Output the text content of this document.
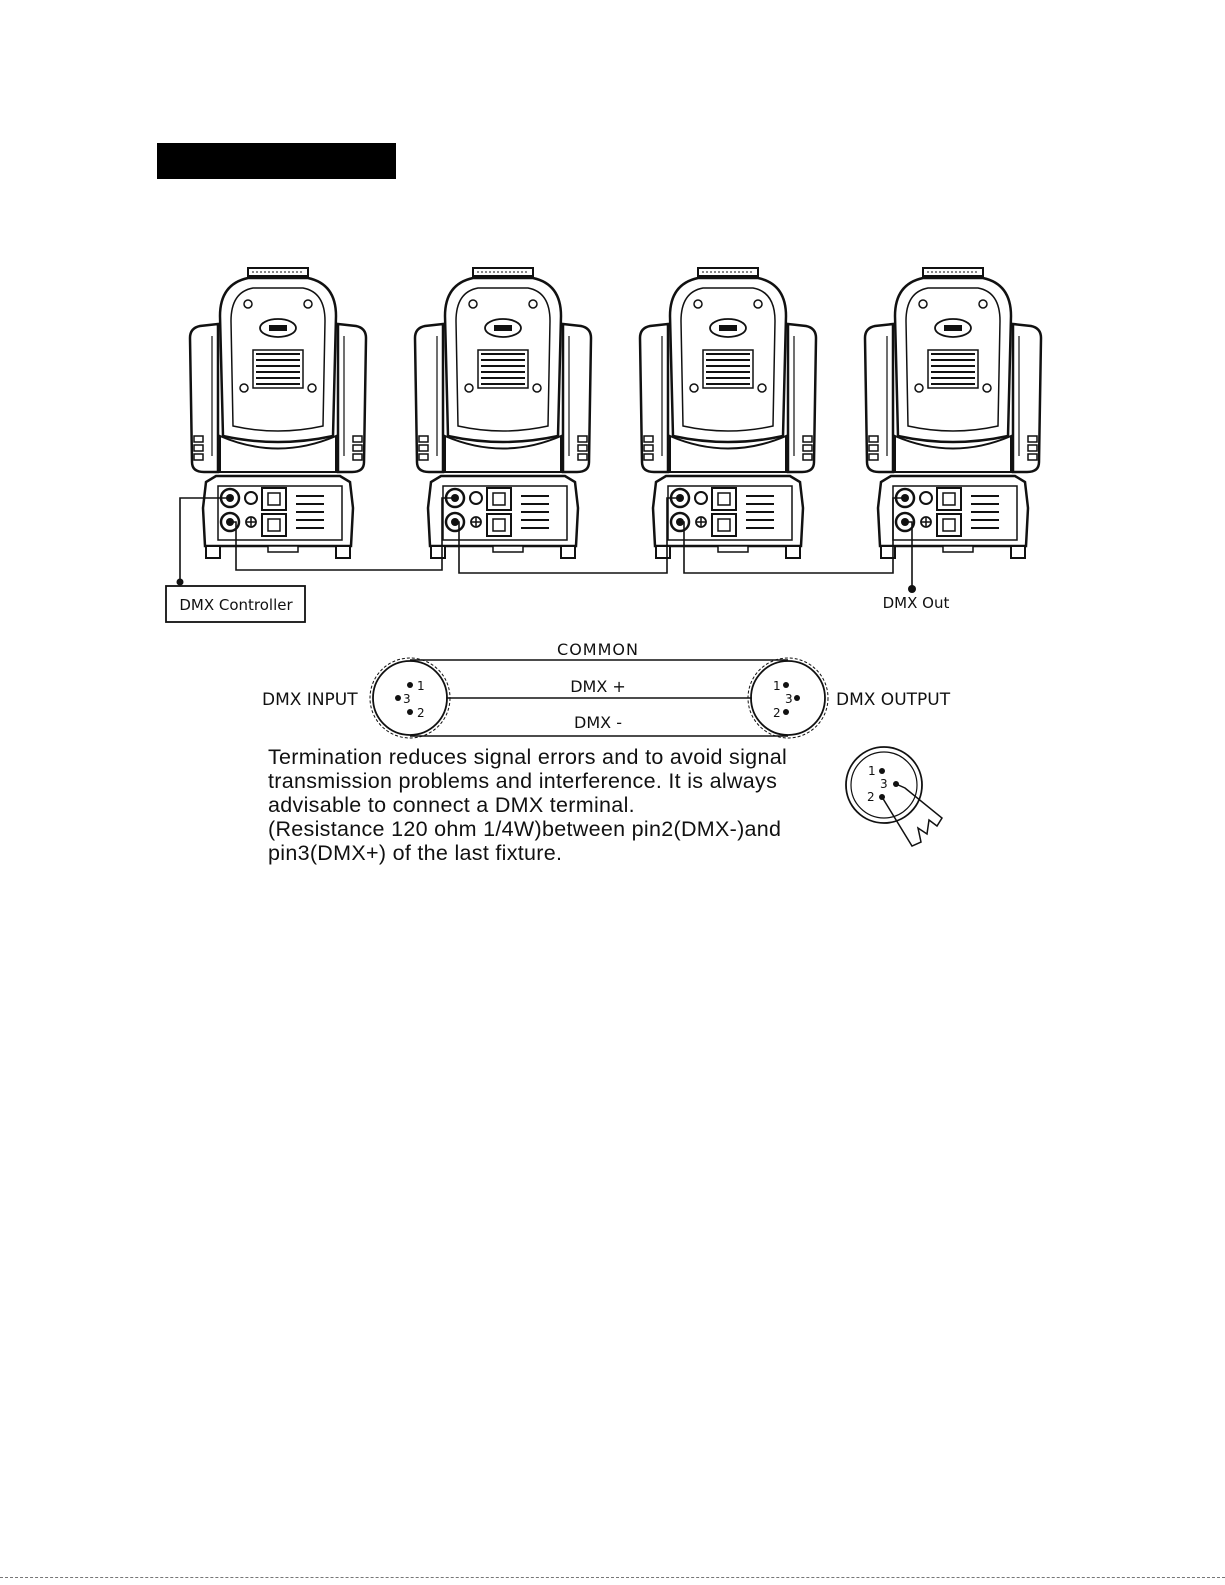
DMX Controller	DMX Out
1
3
2
1
3
2
COMMON
DMX +
DMX -
DMX INPUT	DMX OUTPUT
1
3
2

Termination reduces signal errors and to avoid signal
transmission problems and interference. It is always
advisable to connect a DMX terminal.
(Resistance 120 ohm 1/4W)between pin2(DMX-)and
pin3(DMX+) of the last fixture.
